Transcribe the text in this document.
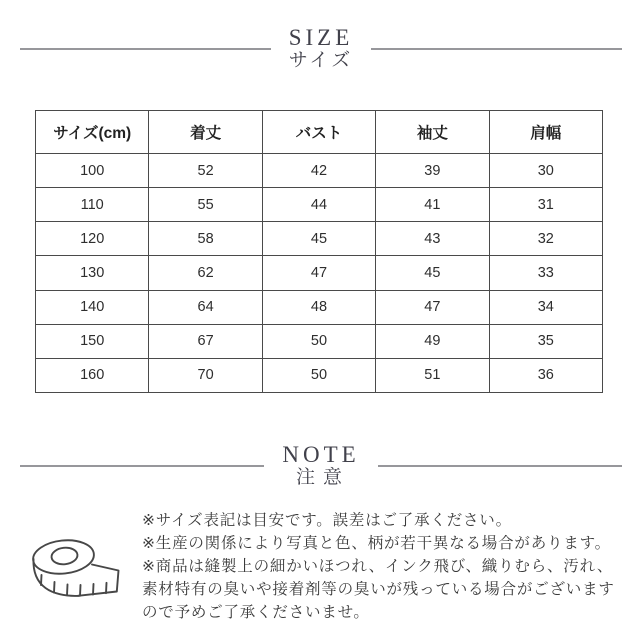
SIZE
サイズ
サイズ(cm)	着丈	バスト	袖丈	肩幅
100	52	42	39	30
110	55	44	41	31
120	58	45	43	32
130	62	47	45	33
140	64	48	47	34
150	67	50	49	35
160	70	50	51	36
NOTE
注意
※サイズ表記は目安です。誤差はご了承ください。
※生産の関係により写真と色、柄が若干異なる場合があります。
※商品は縫製上の細かいほつれ、インク飛び、織りむら、汚れ、
素材特有の臭いや接着剤等の臭いが残っている場合がございます
ので予めご了承くださいませ。
